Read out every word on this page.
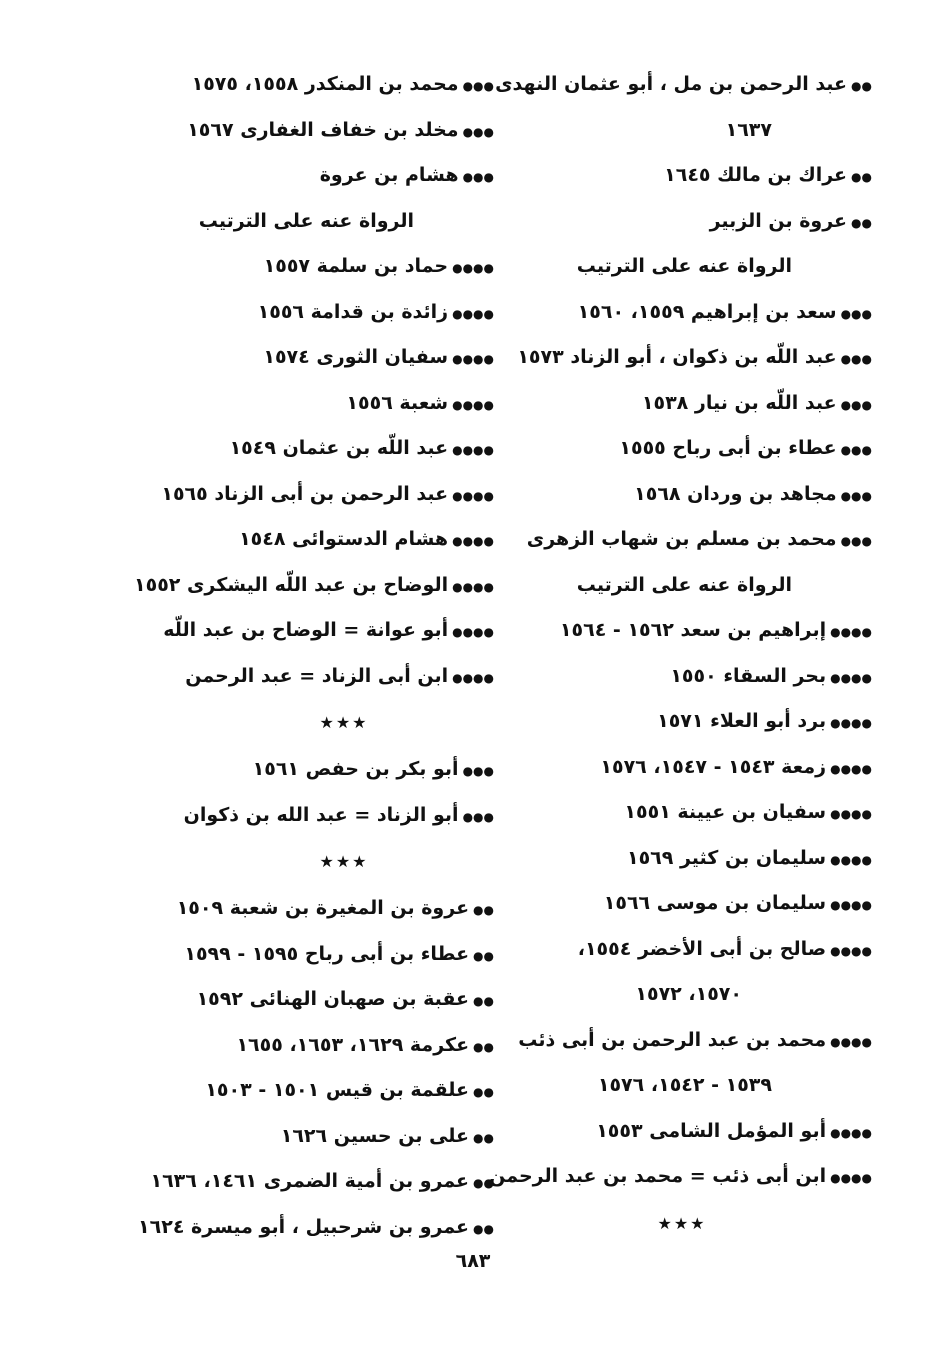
●●عبد الرحمن بن مل ، أبو عثمان النهدى
١٦٣٧
●●عراك بن مالك ١٦٤٥
●●عروة بن الزبير
الرواة عنه على الترتيب
●●●سعد بن إبراهيم ١٥٥٩، ١٥٦٠
●●●عبد اللّه بن ذكوان ، أبو الزناد ١٥٧٣
●●●عبد اللّه بن نيار ١٥٣٨
●●●عطاء بن أبى رباح ١٥٥٥
●●●مجاهد بن وردان ١٥٦٨
●●●محمد بن مسلم بن شهاب الزهرى
الرواة عنه على الترتيب
●●●●إبراهيم بن سعد ١٥٦٢ - ١٥٦٤
●●●●بحر السقاء ١٥٥٠
●●●●برد أبو العلاء ١٥٧١
●●●●زمعة ١٥٤٣ - ١٥٤٧، ١٥٧٦
●●●●سفيان بن عيينة ١٥٥١
●●●●سليمان بن كثير ١٥٦٩
●●●●سليمان بن موسى ١٥٦٦
●●●●صالح بن أبى الأخضر ١٥٥٤،
١٥٧٠، ١٥٧٢
●●●●محمد بن عبد الرحمن بن أبى ذئب
١٥٣٩ - ١٥٤٢، ١٥٧٦
●●●●أبو المؤمل الشامى ١٥٥٣
●●●●ابن أبى ذئب = محمد بن عبد الرحمن
★★★
●●●محمد بن المنكدر ١٥٥٨، ١٥٧٥
●●●مخلد بن خفاف الغفارى ١٥٦٧
●●●هشام بن عروة
الرواة عنه على الترتيب
●●●●حماد بن سلمة ١٥٥٧
●●●●زائدة بن قدامة ١٥٥٦
●●●●سفيان الثورى ١٥٧٤
●●●●شعبة ١٥٥٦
●●●●عبد اللّه بن عثمان ١٥٤٩
●●●●عبد الرحمن بن أبى الزناد ١٥٦٥
●●●●هشام الدستوائى ١٥٤٨
●●●●الوضاح بن عبد اللّه اليشكرى ١٥٥٢
●●●●أبو عوانة = الوضاح بن عبد اللّه
●●●●ابن أبى الزناد = عبد الرحمن
★★★
●●●أبو بكر بن حفص ١٥٦١
●●●أبو الزناد = عبد الله بن ذكوان
★★★
●●عروة بن المغيرة بن شعبة ١٥٠٩
●●عطاء بن أبى رباح ١٥٩٥ - ١٥٩٩
●●عقبة بن صهبان الهنائى ١٥٩٢
●●عكرمة ١٦٢٩، ١٦٥٣، ١٦٥٥
●●علقمة بن قيس ١٥٠١ - ١٥٠٣
●●على بن حسين ١٦٢٦
●●عمرو بن أمية الضمرى ١٤٦١، ١٦٣٦
●●عمرو بن شرحبيل ، أبو ميسرة ١٦٢٤
٦٨٣
